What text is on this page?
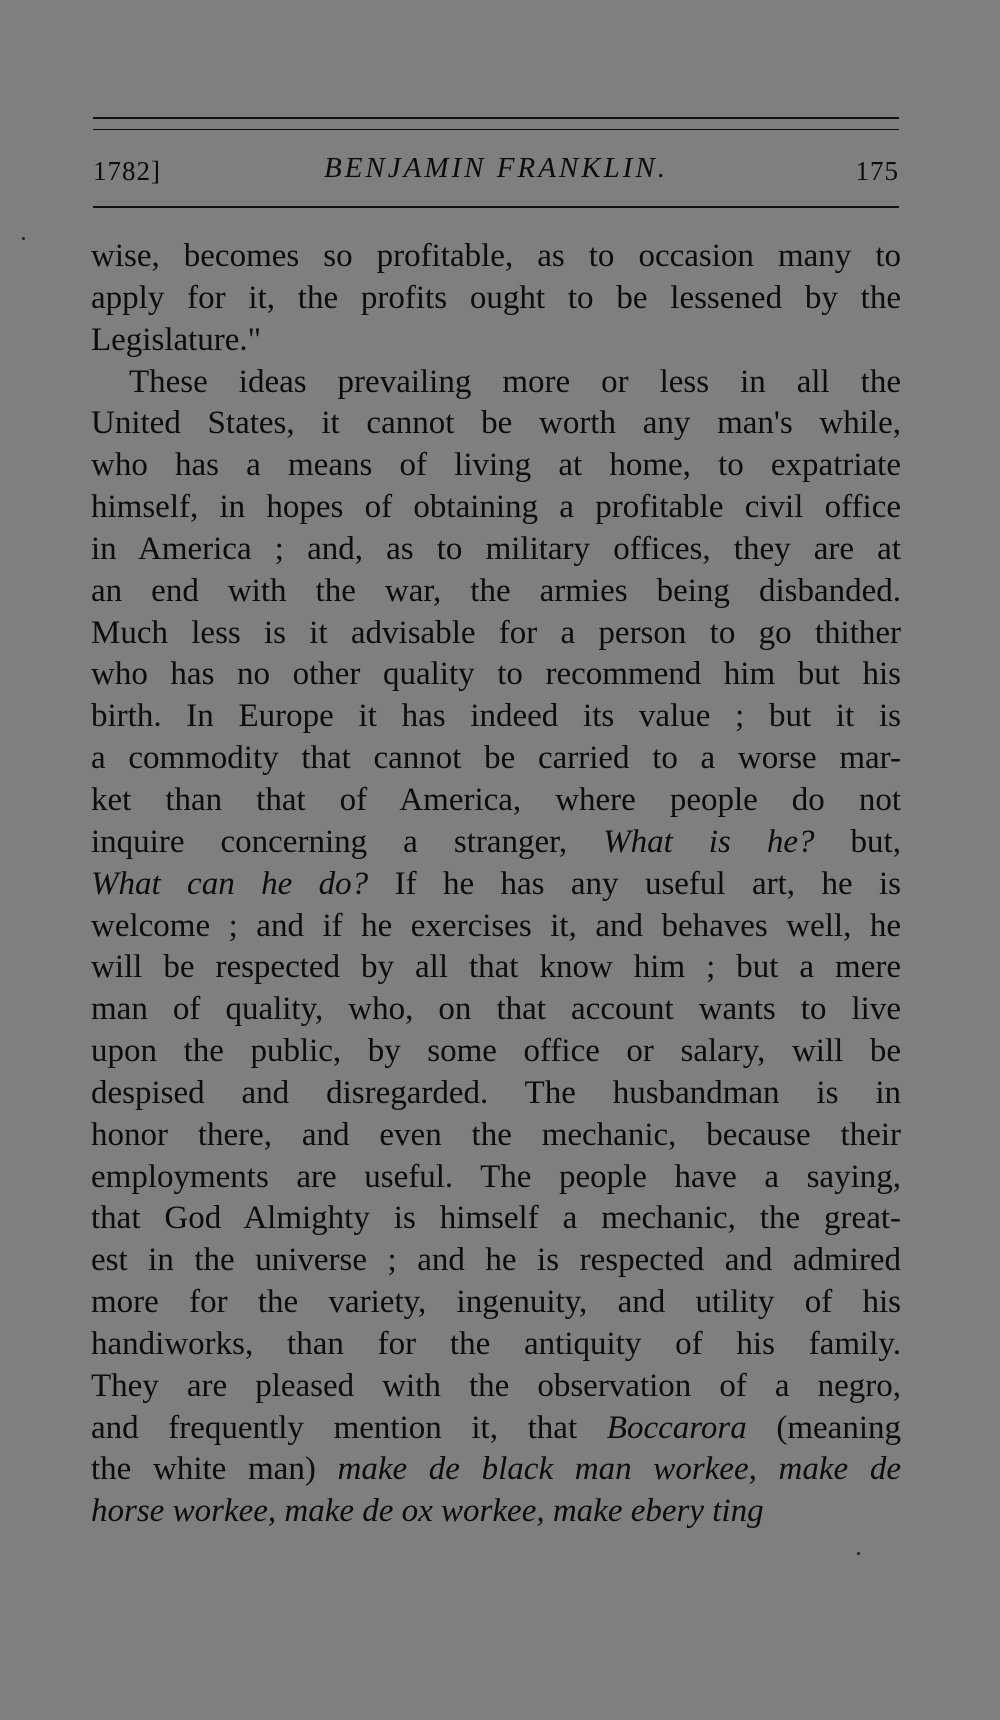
1782]	BENJAMIN FRANKLIN.	175
wise, becomes so profitable, as to occasion many to
apply for it, the profits ought to be lessened by the
Legislature."
These ideas prevailing more or less in all the
United States, it cannot be worth any man's while,
who has a means of living at home, to expatriate
himself, in hopes of obtaining a profitable civil office
in America ; and, as to military offices, they are at
an end with the war, the armies being disbanded.
Much less is it advisable for a person to go thither
who has no other quality to recommend him but his
birth. In Europe it has indeed its value ; but it is
a commodity that cannot be carried to a worse mar-
ket than that of America, where people do not
inquire concerning a stranger, What is he? but,
What can he do? If he has any useful art, he is
welcome ; and if he exercises it, and behaves well, he
will be respected by all that know him ; but a mere
man of quality, who, on that account wants to live
upon the public, by some office or salary, will be
despised and disregarded. The husbandman is in
honor there, and even the mechanic, because their
employments are useful. The people have a saying,
that God Almighty is himself a mechanic, the great-
est in the universe ; and he is respected and admired
more for the variety, ingenuity, and utility of his
handiworks, than for the antiquity of his family.
They are pleased with the observation of a negro,
and frequently mention it, that Boccarora (meaning
the white man) make de black man workee, make de
horse workee, make de ox workee, make ebery ting
